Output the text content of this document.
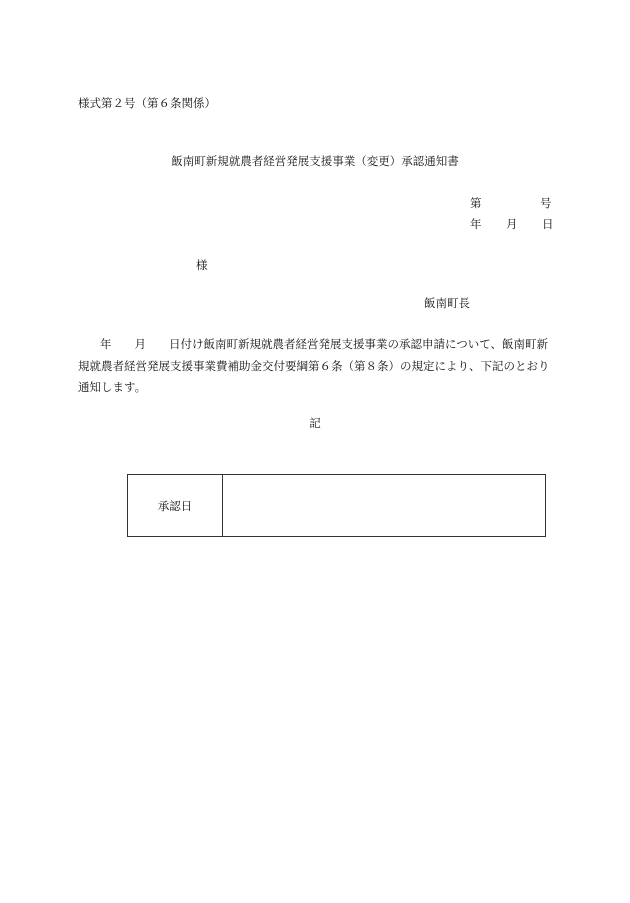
様式第２号（第６条関係）
飯南町新規就農者経営発展支援事業（変更）承認通知書
第	号
年 月 日
様
飯南町長
年　　 月　　 日付け飯南町新規就農者経営発展支援事業の承認申請について、飯南町新規就農者経営発展支援事業費補助金交付要綱第６条（第８条）の規定により、下記のとおり通知します。
記
承認日	
